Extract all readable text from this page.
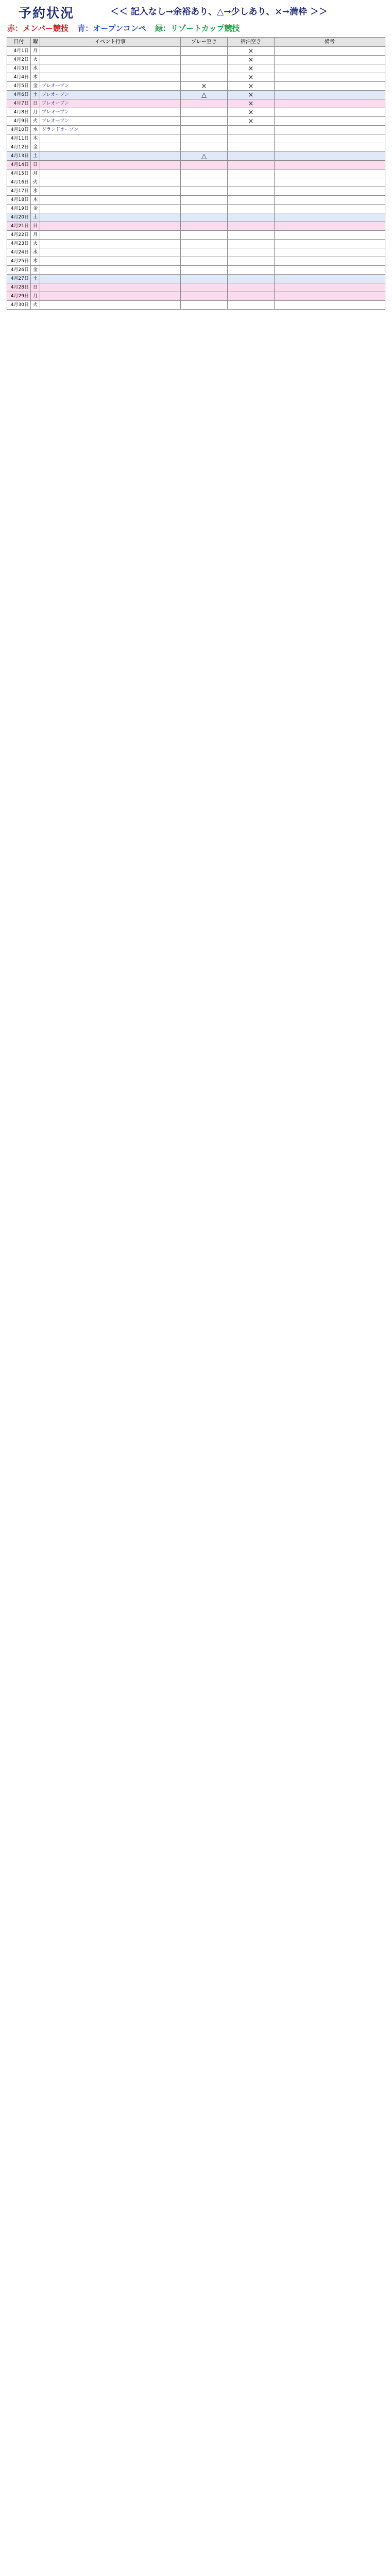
予約状況	＜＜ 記入なし→余裕あり、△→少しあり、×→満枠 ＞＞
赤：メンバー競技 青：オープンコンペ 緑：リゾートカップ競技
日付	曜	イベント行事	プレー空き	宿泊空き	備考
4月1日	月			×	
4月2日	火			×	
4月3日	水			×	
4月4日	木			×	
4月5日	金	プレオープン	×	×	
4月6日	土	プレオープン	△	×	
4月7日	日	プレオープン		×	
4月8日	月	プレオープン		×	
4月9日	火	プレオープン		×	
4月10日	水	グランドオープン			
4月11日	木				
4月12日	金				
4月13日	土		△		
4月14日	日				
4月15日	月				
4月16日	火				
4月17日	水				
4月18日	木				
4月19日	金				
4月20日	土				
4月21日	日				
4月22日	月				
4月23日	火				
4月24日	水				
4月25日	木				
4月26日	金				
4月27日	土				
4月28日	日				
4月29日	月				
4月30日	火				
